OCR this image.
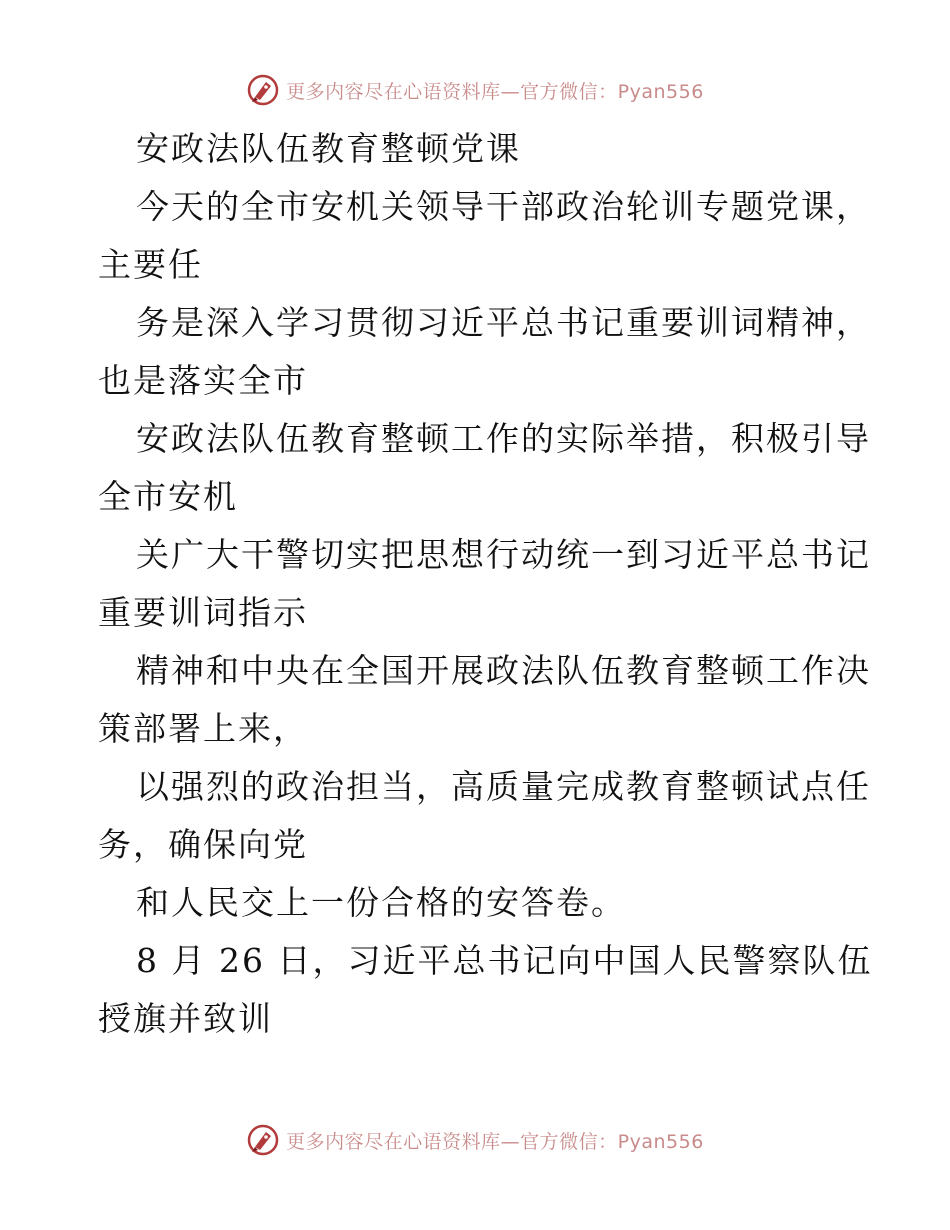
更多内容尽在心语资料库—官方微信：Pyan556
安政法队伍教育整顿党课
今天的全市安机关领导干部政治轮训专题党课，
主要任
务是深入学习贯彻习近平总书记重要训词精神，
也是落实全市
安政法队伍教育整顿工作的实际举措，积极引导
全市安机
关广大干警切实把思想行动统一到习近平总书记
重要训词指示
精神和中央在全国开展政法队伍教育整顿工作决
策部署上来，
以强烈的政治担当，高质量完成教育整顿试点任
务，确保向党
和人民交上一份合格的安答卷。
8 月 26 日，习近平总书记向中国人民警察队伍
授旗并致训
更多内容尽在心语资料库—官方微信：Pyan556
